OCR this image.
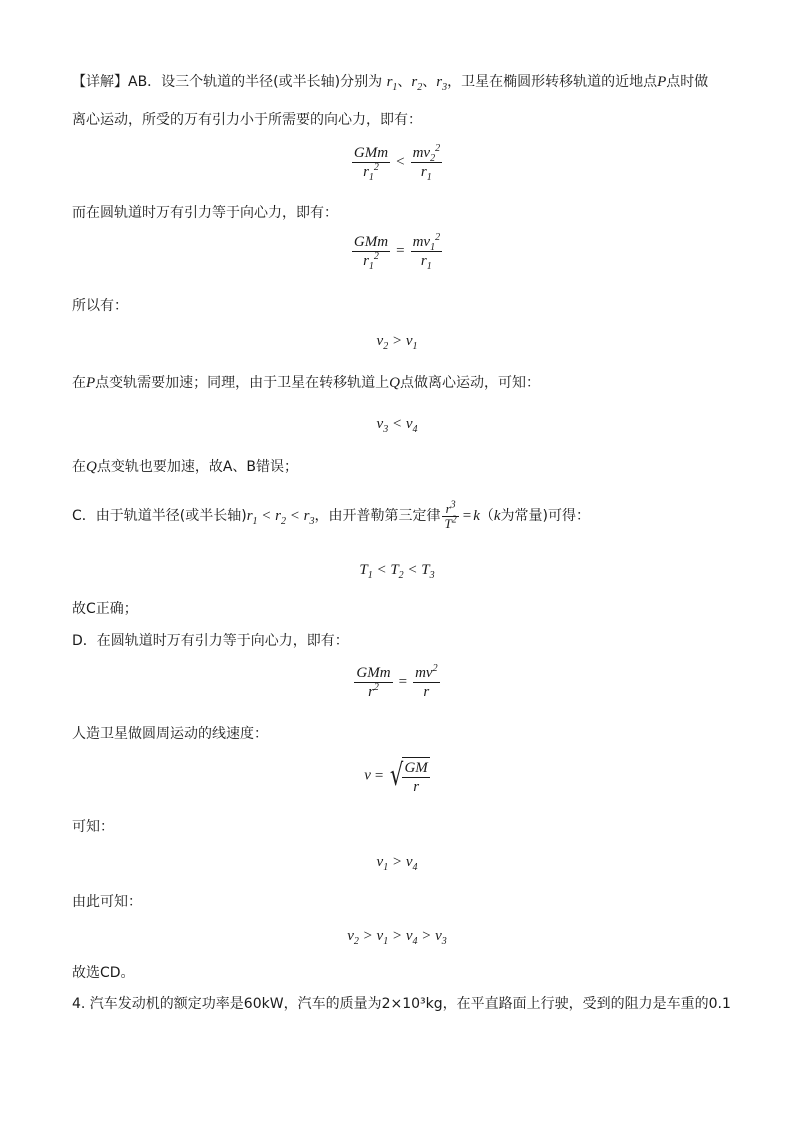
【详解】AB．设三个轨道的半径(或半长轴)分别为 $r_1$、$r_2$、$r_3$，卫星在椭圆形转移轨道的近地点P点时做
离心运动，所受的万有引力小于所需要的向心力，即有：
$\frac{\text{GMm}}{r_1^2} < \frac{mv_2^2}{r_1}$
而在圆轨道时万有引力等于向心力，即有：
$\frac{\text{GMm}}{r_1^2} = \frac{mv_1^2}{r_1}$
所以有：
$v_2 > v_1$
在P点变轨需要加速；同理，由于卫星在转移轨道上Q点做离心运动，可知：
$v_3 < v_4$
在Q点变轨也要加速，故A、B错误；
C．由于轨道半径(或半长轴)$r_1 < r_2 < r_3$，由开普勒第三定律 $\frac{r^3}{T^2} = k(k$为常量)可得：
$T_1 < T_2 < T_3$
故C正确；
D．在圆轨道时万有引力等于向心力，即有：
$\frac{\text{GMm}}{r^2} = \frac{mv^2}{r}$
人造卫星做圆周运动的线速度：
v = √
$\frac{GM}{r}$
可知：
$v_1 > v_4$
由此可知：
$v_2 > v_1 > v_4 > v_3$
故选CD。
4. 汽车发动机的额定功率是60kW，汽车的质量为2×10³kg，在平直路面上行驶，受到的阻力是车重的0.1
